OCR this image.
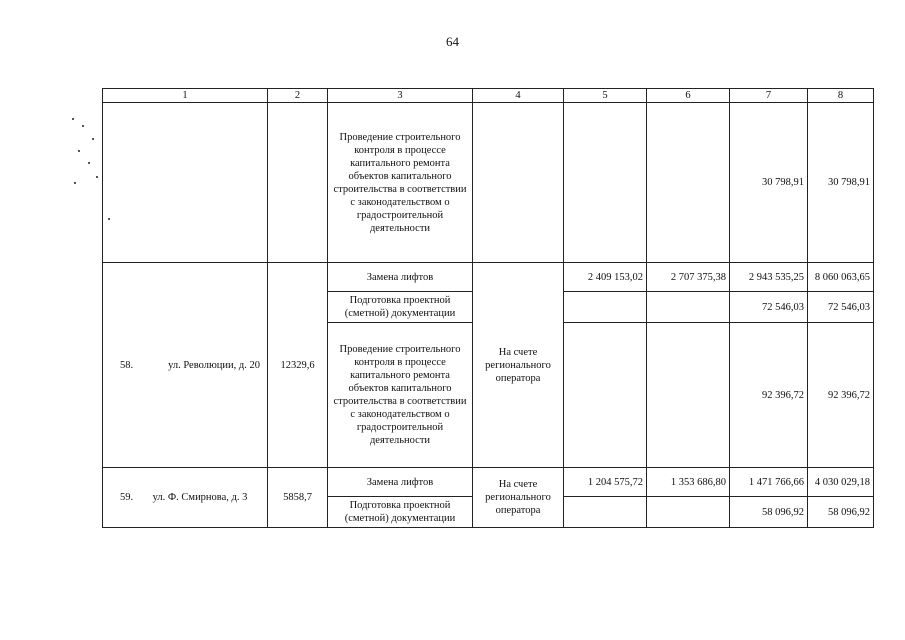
64
1	2	3	4	5	6	7	8
		Проведение строительного контроля в процессе капитального ремонта объектов капитального строительства в соответствии с законодательством о градостроительной деятельности				30 798,91	30 798,91

58. ул. Революции, д. 20	12329,6	Замена лифтов	На счете регионального оператора	2 409 153,02	2 707 375,38	2 943 535,25	8 060 063,65
		Подготовка проектной (сметной) документации				72 546,03	72 546,03
		Проведение строительного контроля в процессе капитального ремонта объектов капитального строительства в соответствии с законодательством о градостроительной деятельности				92 396,72	92 396,72

59. ул. Ф. Смирнова, д. 3	5858,7	Замена лифтов	На счете регионального оператора	1 204 575,72	1 353 686,80	1 471 766,66	4 030 029,18
		Подготовка проектной (сметной) документации				58 096,92	58 096,92
